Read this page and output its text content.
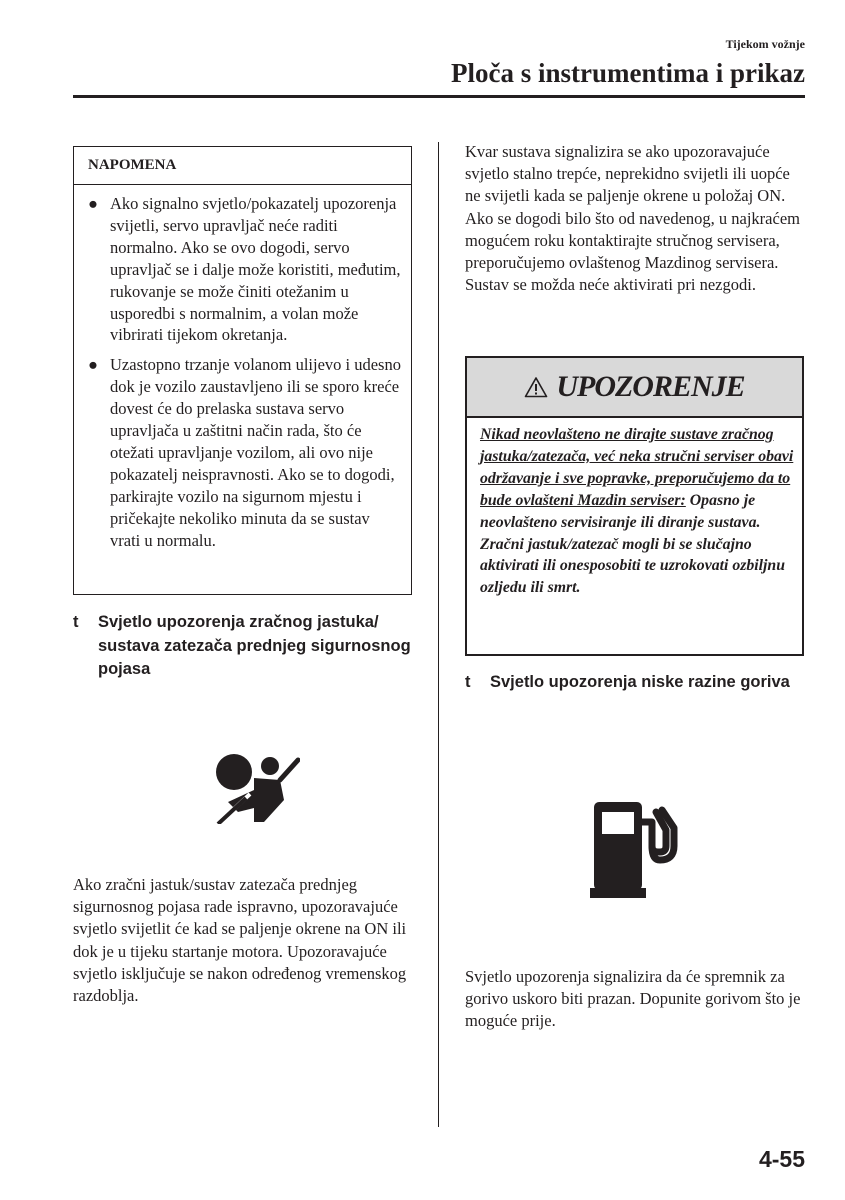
Tijekom vožnje
Ploča s instrumentima i prikaz
NAPOMENA
● Ako signalno svjetlo/pokazatelj upozorenja svijetli, servo upravljač neće raditi normalno. Ako se ovo dogodi, servo upravljač se i dalje može koristiti, međutim, rukovanje se može činiti otežanim u usporedbi s normalnim, a volan može vibrirati tijekom okretanja.
● Uzastopno trzanje volanom ulijevo i udesno dok je vozilo zaustavljeno ili se sporo kreće dovest će do prelaska sustava servo upravljača u zaštitni način rada, što će otežati upravljanje vozilom, ali ovo nije pokazatelj neispravnosti. Ako se to dogodi, parkirajte vozilo na sigurnom mjestu i pričekajte nekoliko minuta da se sustav vrati u normalu.
t	Svjetlo upozorenja zračnog jastuka/ sustava zatezača prednjeg sigurnosnog pojasa

Ako zračni jastuk/sustav zatezača prednjeg sigurnosnog pojasa rade ispravno, upozoravajuće svjetlo svijetlit će kad se paljenje okrene na ON ili dok je u tijeku startanje motora. Upozoravajuće svjetlo isključuje se nakon određenog vremenskog razdoblja.

Kvar sustava signalizira se ako upozoravajuće svjetlo stalno trepće, neprekidno svijetli ili uopće ne svijetli kada se paljenje okrene u položaj ON. Ako se dogodi bilo što od navedenog, u najkraćem mogućem roku kontaktirajte stručnog servisera, preporučujemo ovlaštenog Mazdinog servisera. Sustav se možda neće aktivirati pri nezgodi.

UPOZORENJE
Nikad neovlašteno ne dirajte sustave zračnog jastuka/zatezača, već neka stručni serviser obavi održavanje i sve popravke, preporučujemo da to bude ovlašteni Mazdin serviser: Opasno je neovlašteno servisiranje ili diranje sustava. Zračni jastuk/zatezač mogli bi se slučajno aktivirati ili onesposobiti te uzrokovati ozbiljnu ozljedu ili smrt.
t	Svjetlo upozorenja niske razine goriva

Svjetlo upozorenja signalizira da će spremnik za gorivo uskoro biti prazan. Dopunite gorivom što je moguće prije.

4-55
